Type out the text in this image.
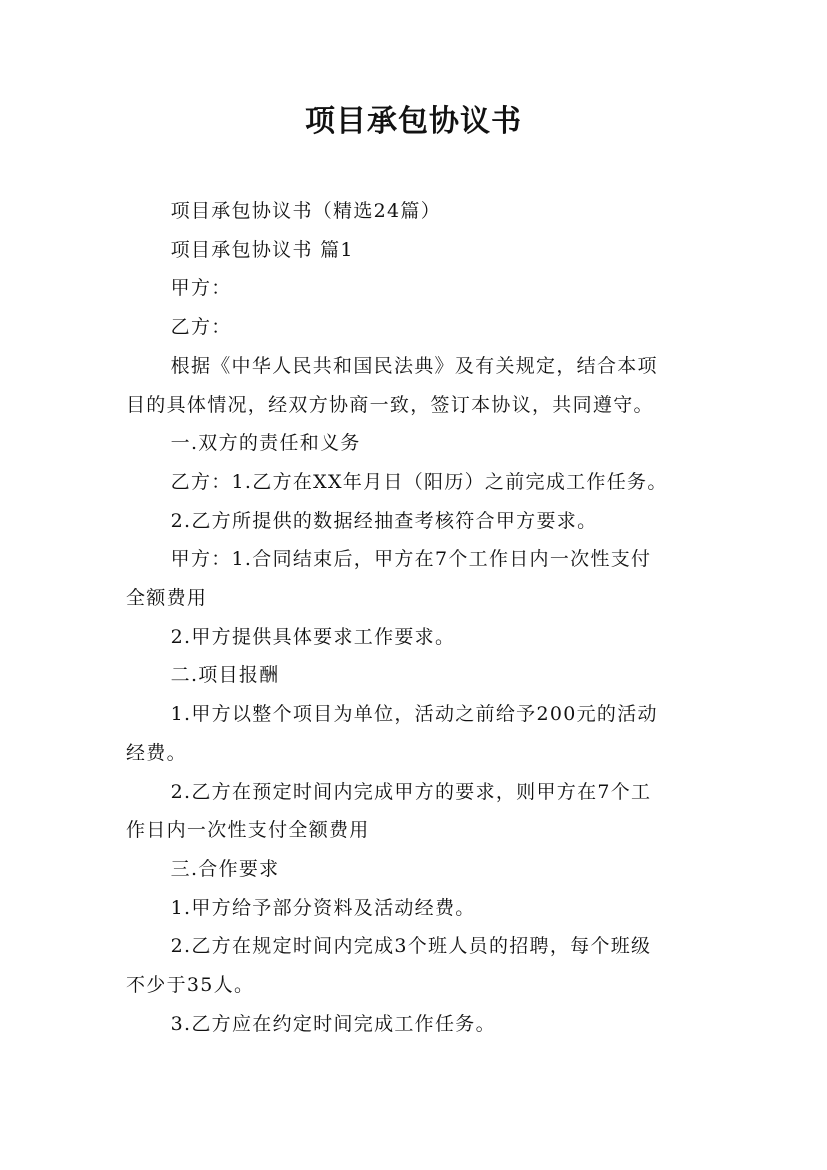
项目承包协议书

项目承包协议书（精选24篇）

项目承包协议书 篇1

甲方：

乙方：

根据《中华人民共和国民法典》及有关规定，结合本项
目的具体情况，经双方协商一致，签订本协议，共同遵守。

一.双方的责任和义务

乙方：1.乙方在XX年月日（阳历）之前完成工作任务。

2.乙方所提供的数据经抽查考核符合甲方要求。

甲方：1.合同结束后，甲方在7个工作日内一次性支付
全额费用

2.甲方提供具体要求工作要求。

二.项目报酬

1.甲方以整个项目为单位，活动之前给予200元的活动
经费。

2.乙方在预定时间内完成甲方的要求，则甲方在7个工
作日内一次性支付全额费用

三.合作要求

1.甲方给予部分资料及活动经费。

2.乙方在规定时间内完成3个班人员的招聘，每个班级
不少于35人。

3.乙方应在约定时间完成工作任务。
